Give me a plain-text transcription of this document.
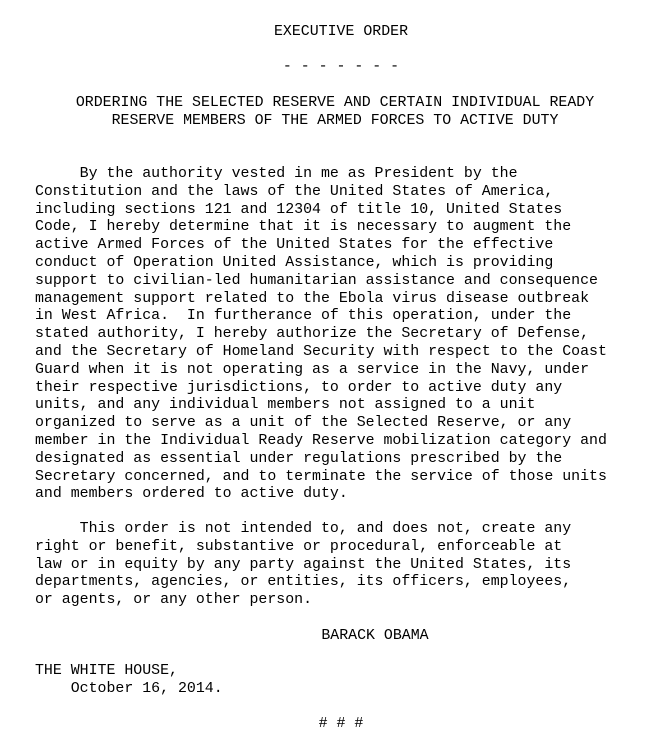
EXECUTIVE ORDER
- - - - - - -
ORDERING THE SELECTED RESERVE AND CERTAIN INDIVIDUAL READY
RESERVE MEMBERS OF THE ARMED FORCES TO ACTIVE DUTY
By the authority vested in me as President by the
Constitution and the laws of the United States of America,
including sections 121 and 12304 of title 10, United States
Code, I hereby determine that it is necessary to augment the
active Armed Forces of the United States for the effective
conduct of Operation United Assistance, which is providing
support to civilian-led humanitarian assistance and consequence
management support related to the Ebola virus disease outbreak
in West Africa.  In furtherance of this operation, under the
stated authority, I hereby authorize the Secretary of Defense,
and the Secretary of Homeland Security with respect to the Coast
Guard when it is not operating as a service in the Navy, under
their respective jurisdictions, to order to active duty any
units, and any individual members not assigned to a unit
organized to serve as a unit of the Selected Reserve, or any
member in the Individual Ready Reserve mobilization category and
designated as essential under regulations prescribed by the
Secretary concerned, and to terminate the service of those units
and members ordered to active duty.
This order is not intended to, and does not, create any
right or benefit, substantive or procedural, enforceable at
law or in equity by any party against the United States, its
departments, agencies, or entities, its officers, employees,
or agents, or any other person.
BARACK OBAMA
THE WHITE HOUSE,
October 16, 2014.
# # #
